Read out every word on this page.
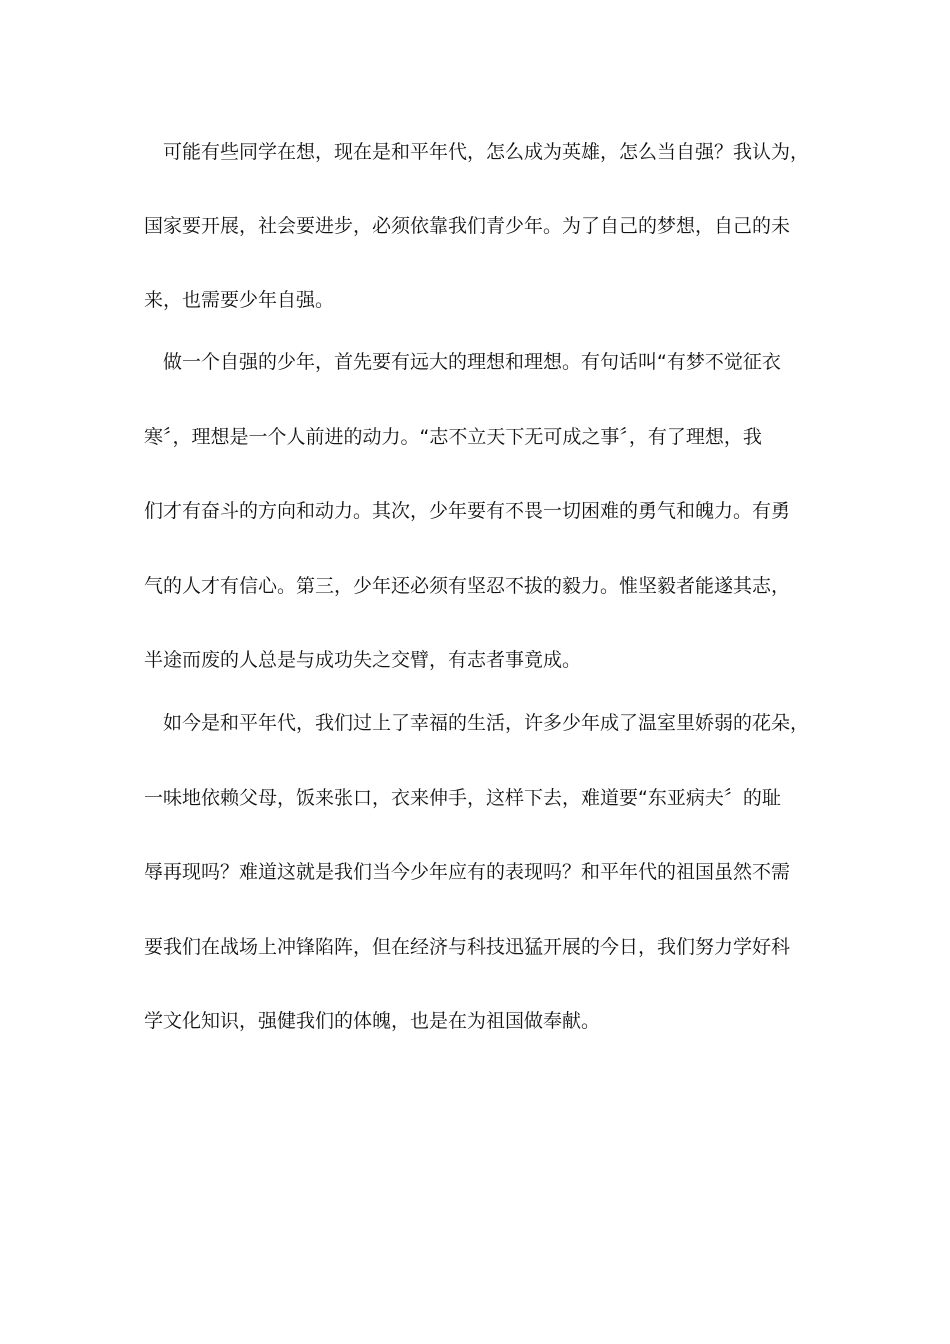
可能有些同学在想，现在是和平年代，怎么成为英雄，怎么当自强？我认为，
国家要开展，社会要进步，必须依靠我们青少年。为了自己的梦想，自己的未
来，也需要少年自强。
做一个自强的少年，首先要有远大的理想和理想。有句话叫“有梦不觉征衣
寒〞，理想是一个人前进的动力。“志不立天下无可成之事〞，有了理想，我
们才有奋斗的方向和动力。其次，少年要有不畏一切困难的勇气和魄力。有勇
气的人才有信心。第三，少年还必须有坚忍不拔的毅力。惟坚毅者能遂其志，
半途而废的人总是与成功失之交臂，有志者事竟成。
如今是和平年代，我们过上了幸福的生活，许多少年成了温室里娇弱的花朵，
一味地依赖父母，饭来张口，衣来伸手，这样下去，难道要“东亚病夫〞的耻
辱再现吗？难道这就是我们当今少年应有的表现吗？和平年代的祖国虽然不需
要我们在战场上冲锋陷阵，但在经济与科技迅猛开展的今日，我们努力学好科
学文化知识，强健我们的体魄，也是在为祖国做奉献。
